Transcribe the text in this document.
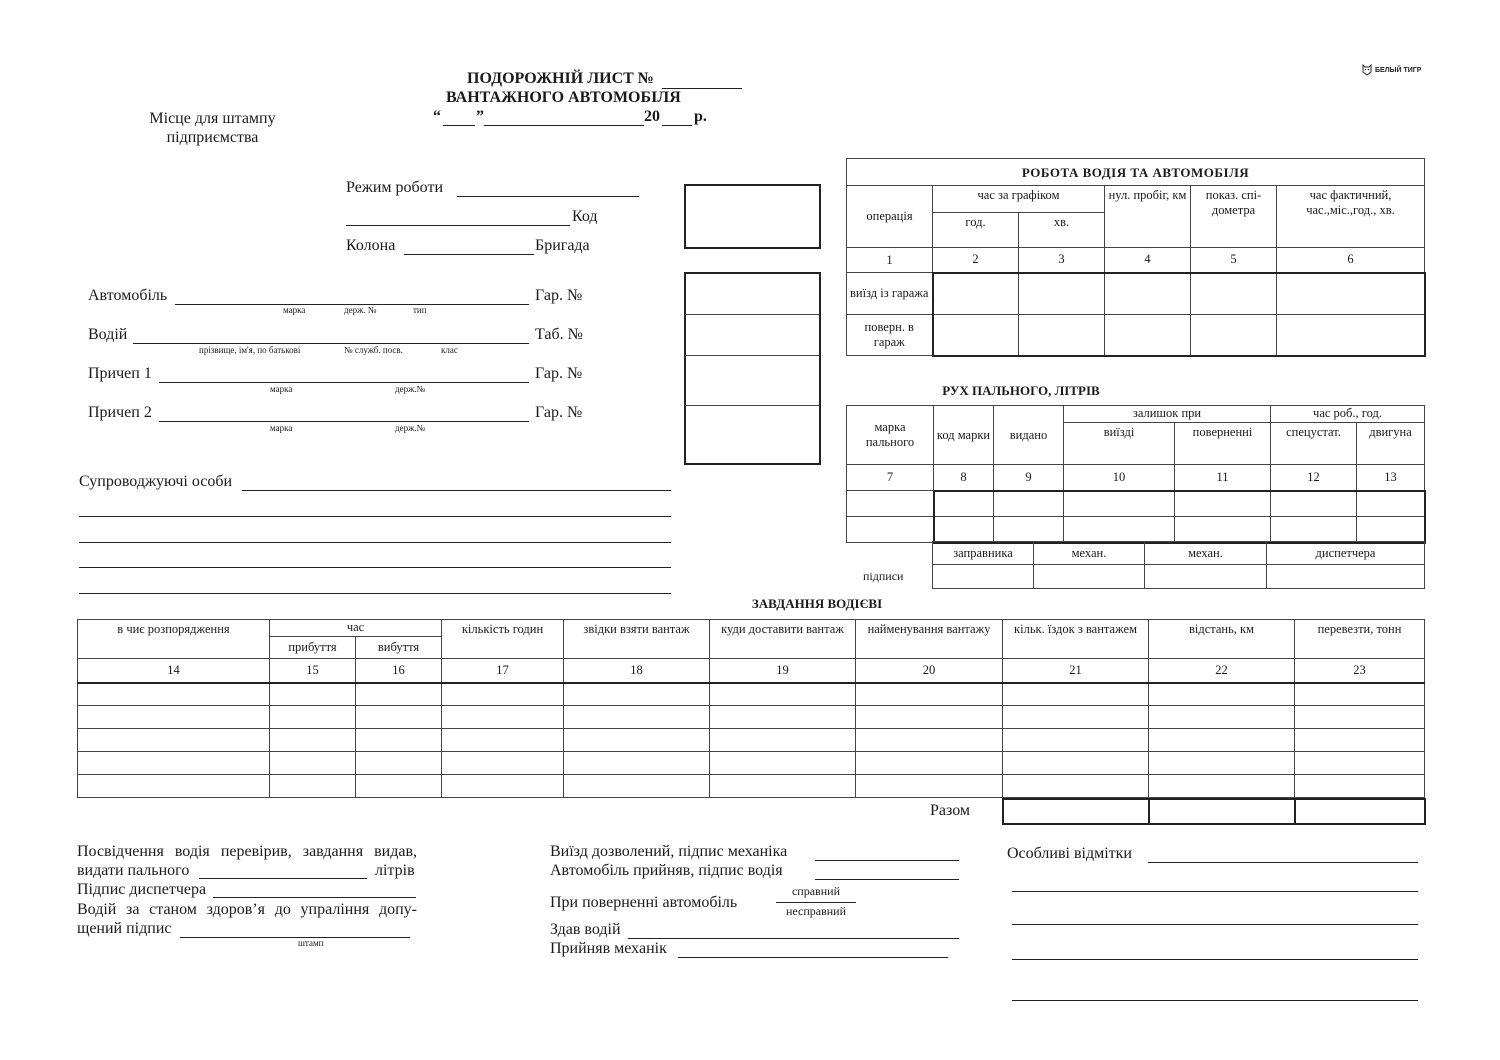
ПОДОРОЖНІЙ ЛИСТ №
ВАНТАЖНОГО АВТОМОБІЛЯ
“ ”	20 р.
Місце для штампу
підприємства
БЕЛЫЙ ТИГР
Режим роботи
Код
Колона	Бригада
Автомобіль	Гар. №
марка	держ. №	тип
Водій	Таб. №
прізвище, ім'я, по батькові	№ служб. посв.	клас
Причеп 1	Гар. №
марка	держ.№
Причеп 2	Гар. №
марка	держ.№
Супроводжуючі особи
РОБОТА ВОДІЯ ТА АВТОМОБІЛЯ					
операція	час за графіком		нул. пробіг, км	показ. спі-дометра	час фактичний, час.,міс.,год., хв.
	год.	хв.			
1	2	3	4	5	6
виїзд із гаража					
поверн. в гараж					
РУХ ПАЛЬНОГО, ЛІТРІВ
марка пального	код марки	видано	залишок при		час роб., год.	
			виїзді	поверненні	спецустат.	двигуна
7	8	9	10	11	12	13

заправника	механ.	механ.	диспетчера

підписи
ЗАВДАННЯ ВОДІЄВІ
в чиє розпорядження	час		кількість годин	звідки взяти вантаж	куди доставити вантаж	найменування вантажу	кільк. їздок з вантажем	відстань, км	перевезти, тонн
	прибуття	вибуття							
14	15	16	17	18	19	20	21	22	23

Разом

Посвідчення водія перевірив, завдання видав,
видати пального	літрів
Підпис диспетчера
Водій за станом здоров’я до упраління допу-
щений підпис
штамп
Виїзд дозволений, підпис механіка
Автомобіль прийняв, підпис водія
При поверненні автомобіль
справний
несправний
Здав водій
Прийняв механік
Особливі відмітки
